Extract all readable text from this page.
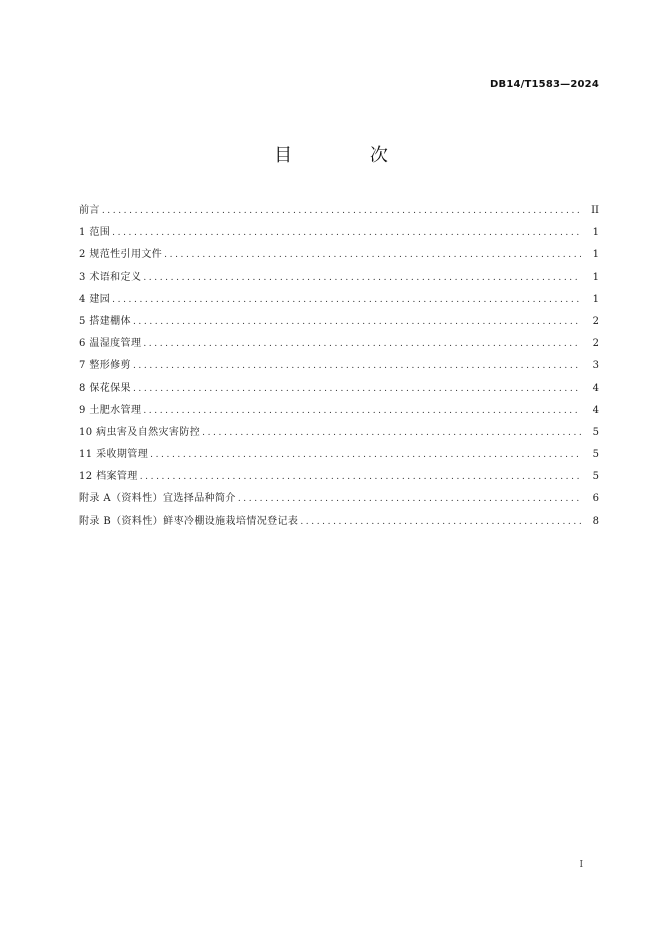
DB14/T1583—2024
目 次
前言 .....	II
1 范围 .....	1
2 规范性引用文件 .....	1
3 术语和定义 .....	1
4 建园 .....	1
5 搭建棚体 .....	2
6 温湿度管理 .....	2
7 整形修剪 .....	3
8 保花保果 .....	4
9 土肥水管理 .....	4
10 病虫害及自然灾害防控 .....	5
11 采收期管理 .....	5
12 档案管理 .....	5
附录 A（资料性）宜选择品种简介 .....	6
附录 B（资料性）鲜枣冷棚设施栽培情况登记表 .....	8
I
